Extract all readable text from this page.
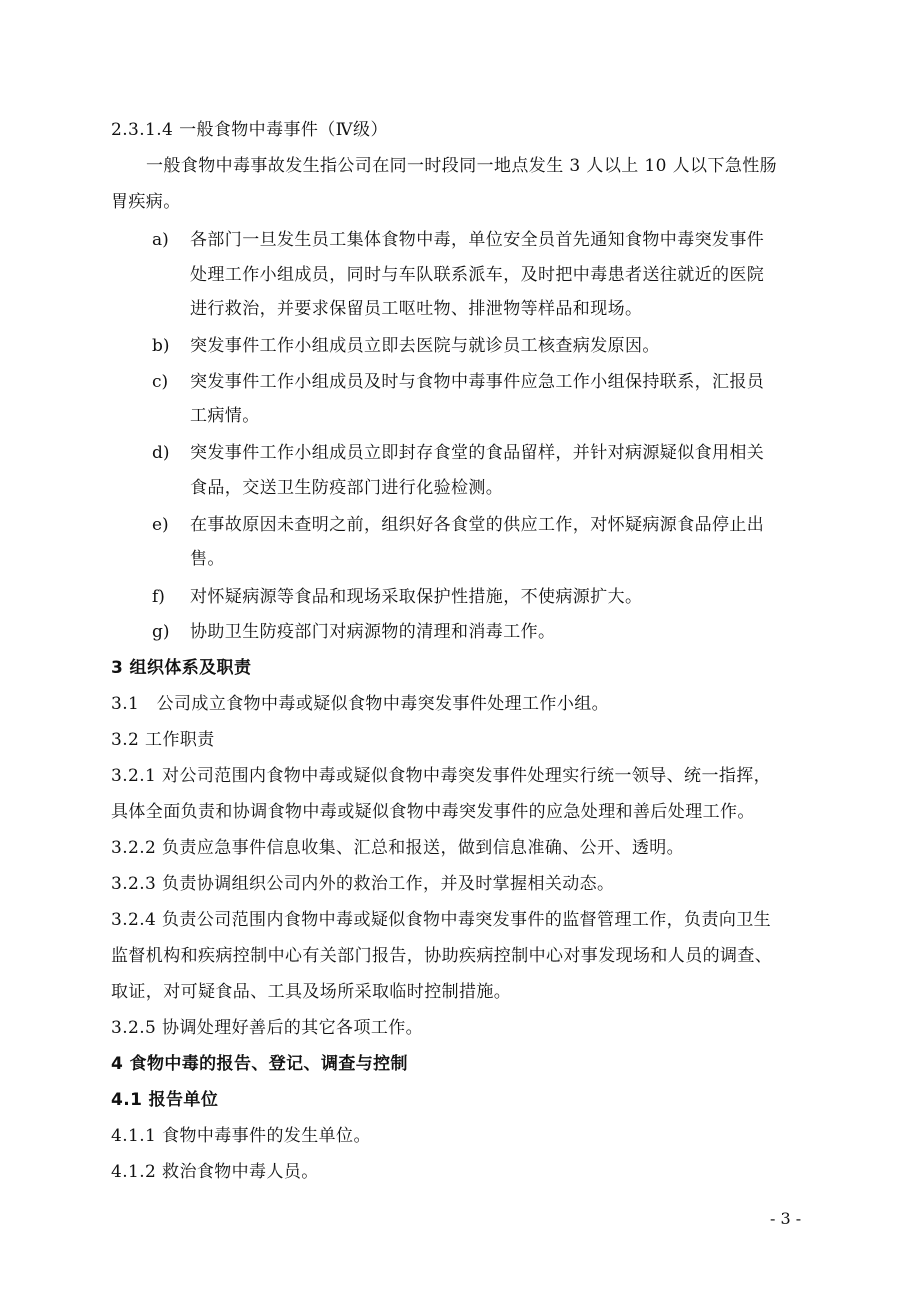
2.3.1.4 一般食物中毒事件（Ⅳ级）
一般食物中毒事故发生指公司在同一时段同一地点发生 3 人以上 10 人以下急性肠
胃疾病。
a) 各部门一旦发生员工集体食物中毒，单位安全员首先通知食物中毒突发事件
处理工作小组成员，同时与车队联系派车，及时把中毒患者送往就近的医院
进行救治，并要求保留员工呕吐物、排泄物等样品和现场。
b) 突发事件工作小组成员立即去医院与就诊员工核查病发原因。
c) 突发事件工作小组成员及时与食物中毒事件应急工作小组保持联系，汇报员
工病情。
d) 突发事件工作小组成员立即封存食堂的食品留样，并针对病源疑似食用相关
食品，交送卫生防疫部门进行化验检测。
e) 在事故原因未查明之前，组织好各食堂的供应工作，对怀疑病源食品停止出
售。
f) 对怀疑病源等食品和现场采取保护性措施，不使病源扩大。
g) 协助卫生防疫部门对病源物的清理和消毒工作。
3 组织体系及职责
3.1　公司成立食物中毒或疑似食物中毒突发事件处理工作小组。
3.2 工作职责
3.2.1 对公司范围内食物中毒或疑似食物中毒突发事件处理实行统一领导、统一指挥，
具体全面负责和协调食物中毒或疑似食物中毒突发事件的应急处理和善后处理工作。
3.2.2 负责应急事件信息收集、汇总和报送，做到信息准确、公开、透明。
3.2.3 负责协调组织公司内外的救治工作，并及时掌握相关动态。
3.2.4 负责公司范围内食物中毒或疑似食物中毒突发事件的监督管理工作，负责向卫生
监督机构和疾病控制中心有关部门报告，协助疾病控制中心对事发现场和人员的调查、
取证，对可疑食品、工具及场所采取临时控制措施。
3.2.5 协调处理好善后的其它各项工作。
4 食物中毒的报告、登记、调查与控制
4.1 报告单位
4.1.1 食物中毒事件的发生单位。
4.1.2 救治食物中毒人员。
- 3 -
